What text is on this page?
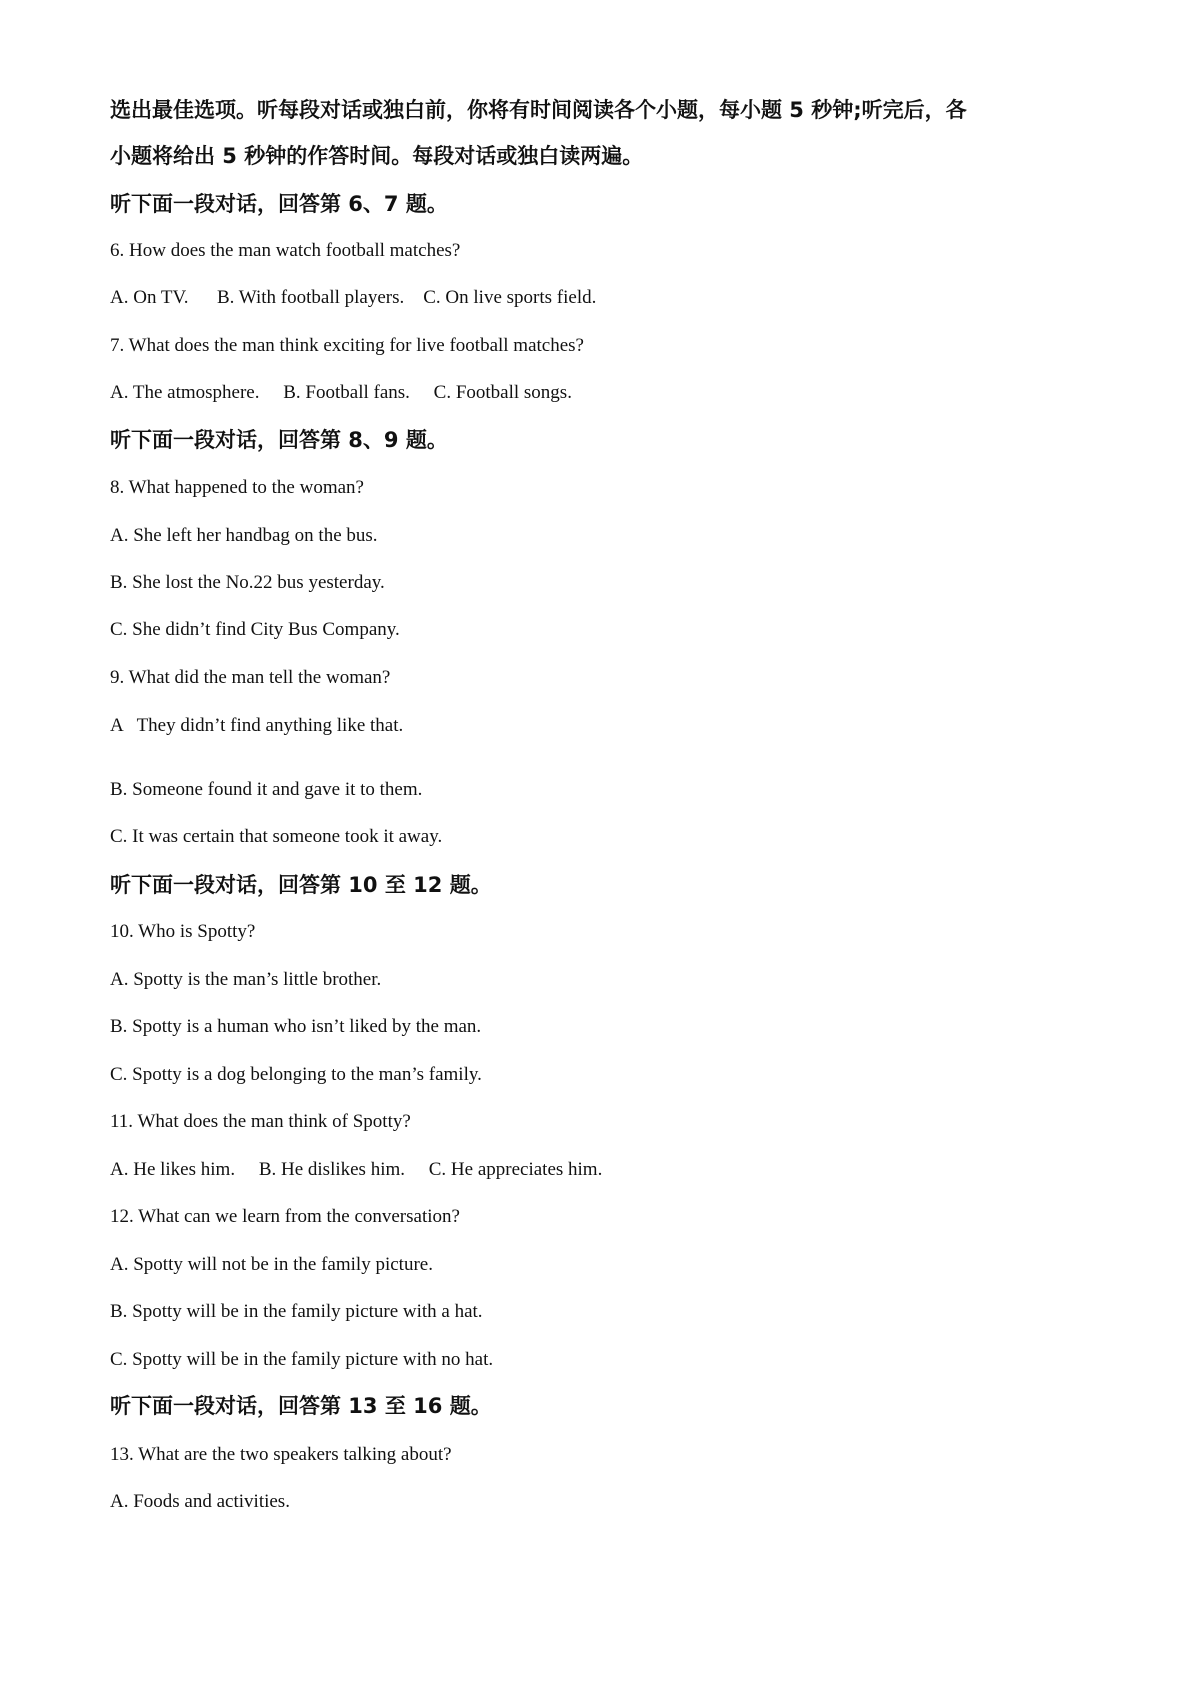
选出最佳选项。听每段对话或独白前，你将有时间阅读各个小题，每小题 5 秒钟;听完后，各
小题将给出 5 秒钟的作答时间。每段对话或独白读两遍。
听下面一段对话，回答第 6、7 题。
6. How does the man watch football matches?
A. On TV.      B. With football players.    C. On live sports field.
7. What does the man think exciting for live football matches?
A. The atmosphere.     B. Football fans.     C. Football songs.
听下面一段对话，回答第 8、9 题。
8. What happened to the woman?
A. She left her handbag on the bus.
B. She lost the No.22 bus yesterday.
C. She didn’t find City Bus Company.
9. What did the man tell the woman?
A   They didn’t find anything like that.
B. Someone found it and gave it to them.
C. It was certain that someone took it away.
听下面一段对话，回答第 10 至 12 题。
10. Who is Spotty?
A. Spotty is the man’s little brother.
B. Spotty is a human who isn’t liked by the man.
C. Spotty is a dog belonging to the man’s family.
11. What does the man think of Spotty?
A. He likes him.     B. He dislikes him.     C. He appreciates him.
12. What can we learn from the conversation?
A. Spotty will not be in the family picture.
B. Spotty will be in the family picture with a hat.
C. Spotty will be in the family picture with no hat.
听下面一段对话，回答第 13 至 16 题。
13. What are the two speakers talking about?
A. Foods and activities.
